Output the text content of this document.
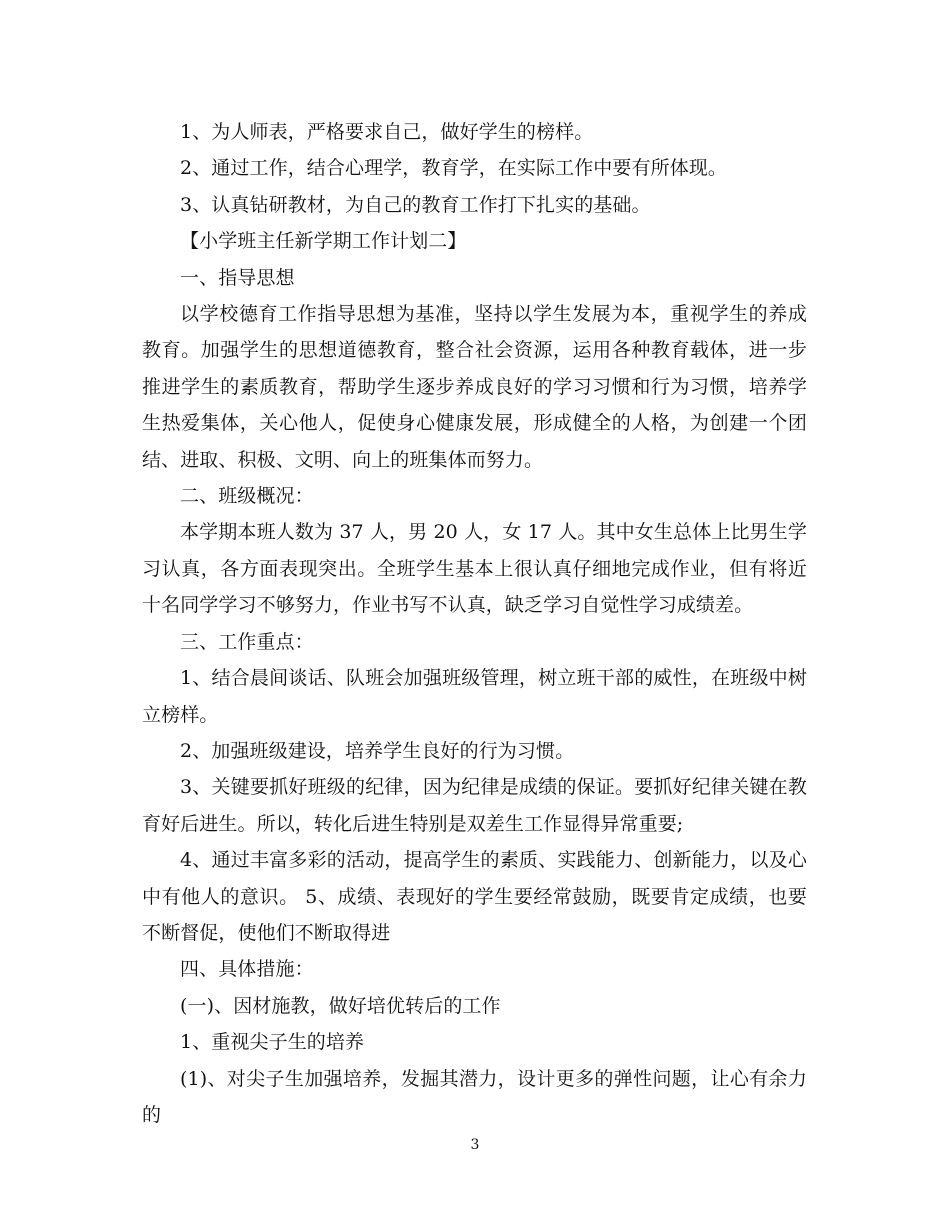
1、为人师表，严格要求自己，做好学生的榜样。

2、通过工作，结合心理学，教育学，在实际工作中要有所体现。

3、认真钻研教材，为自己的教育工作打下扎实的基础。

【小学班主任新学期工作计划二】

一、指导思想

以学校德育工作指导思想为基准，坚持以学生发展为本，重视学生的养成教育。加强学生的思想道德教育，整合社会资源，运用各种教育载体，进一步推进学生的素质教育，帮助学生逐步养成良好的学习习惯和行为习惯，培养学生热爱集体，关心他人，促使身心健康发展，形成健全的人格，为创建一个团结、进取、积极、文明、向上的班集体而努力。

二、班级概况：

本学期本班人数为 37 人，男 20 人，女 17 人。其中女生总体上比男生学习认真，各方面表现突出。全班学生基本上很认真仔细地完成作业，但有将近十名同学学习不够努力，作业书写不认真，缺乏学习自觉性学习成绩差。

三、工作重点：

1、结合晨间谈话、队班会加强班级管理，树立班干部的威性，在班级中树立榜样。

2、加强班级建设，培养学生良好的行为习惯。

3、关键要抓好班级的纪律，因为纪律是成绩的保证。要抓好纪律关键在教育好后进生。所以，转化后进生特别是双差生工作显得异常重要;

4、通过丰富多彩的活动，提高学生的素质、实践能力、创新能力，以及心中有他人的意识。 5、成绩、表现好的学生要经常鼓励，既要肯定成绩，也要不断督促，使他们不断取得进

四、具体措施：

(一)、因材施教，做好培优转后的工作

1、重视尖子生的培养

(1)、对尖子生加强培养，发掘其潜力，设计更多的弹性问题，让心有余力的

3
